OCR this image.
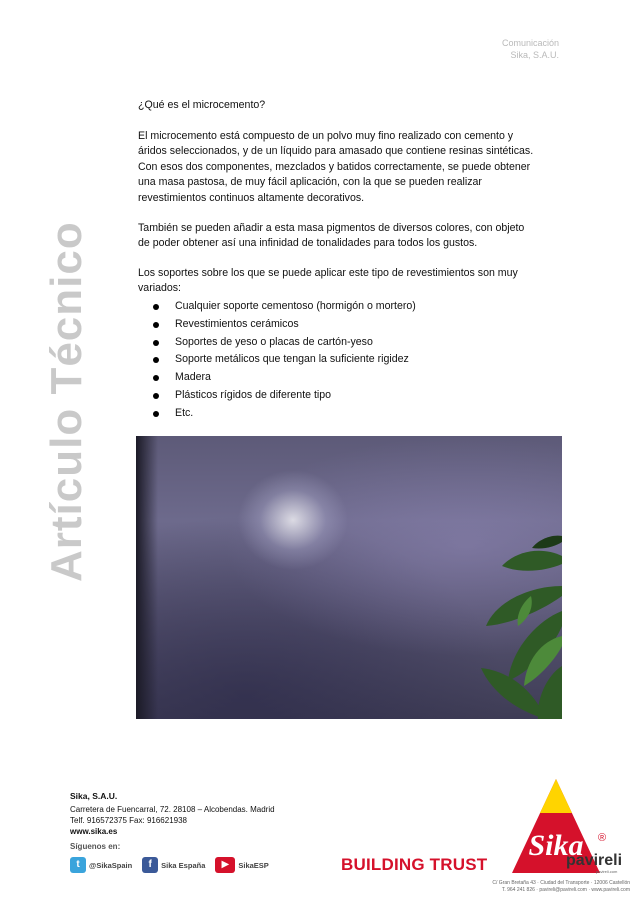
Comunicación
Sika, S.A.U.
Artículo Técnico

¿Qué es el microcemento?

El microcemento está compuesto de un polvo muy fino realizado con cemento y áridos seleccionados, y de un líquido para amasado que contiene resinas sintéticas. Con esos dos componentes, mezclados y batidos correctamente, se puede obtener una masa pastosa, de muy fácil aplicación, con la que se pueden realizar revestimientos continuos altamente decorativos.

También se pueden añadir a esta masa pigmentos de diversos colores, con objeto de poder obtener así una infinidad de tonalidades para todos los gustos.

Los soportes sobre los que se puede aplicar este tipo de revestimientos son muy variados:

Cualquier soporte cementoso (hormigón o mortero)
Revestimientos cerámicos
Soportes de yeso o placas de cartón-yeso
Soporte metálicos que tengan la suficiente rigidez
Madera
Plásticos rígidos de diferente tipo
Etc.
Sika, S.A.U.
Carretera de Fuencarral, 72. 28108 – Alcobendas. Madrid
Telf. 916572375 Fax: 916621938
www.sika.es
Síguenos en:
t	@SikaSpain	f	Sika España	▶	SikaESP	BUILDING TRUST
Sika ®
pavireli
pavireli.com
C/ Gran Bretaña 43 · Ciudad del Transporte · 12006 Castellón
T. 964 241 826 · pavireli@pavireli.com · www.pavireli.com
